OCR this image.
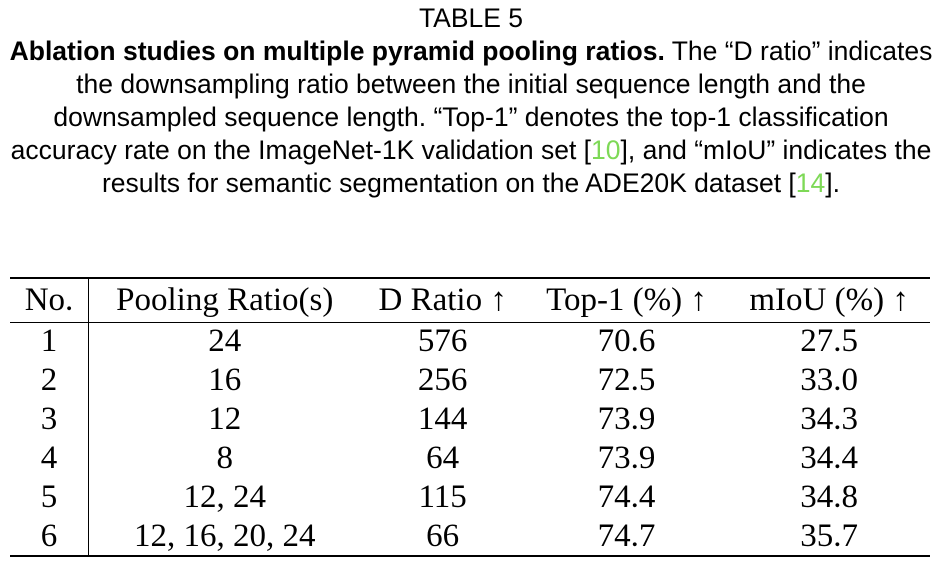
TABLE 5
Ablation studies on multiple pyramid pooling ratios. The “D ratio” indicates the downsampling ratio between the initial sequence length and the downsampled sequence length. “Top-1” denotes the top-1 classification accuracy rate on the ImageNet-1K validation set [10], and “mIoU” indicates the results for semantic segmentation on the ADE20K dataset [14].
No.	Pooling Ratio(s)	D Ratio ↑	Top-1 (%) ↑	mIoU (%) ↑
1	24	576	70.6	27.5
2	16	256	72.5	33.0
3	12	144	73.9	34.3
4	8	64	73.9	34.4
5	12, 24	115	74.4	34.8
6	12, 16, 20, 24	66	74.7	35.7
